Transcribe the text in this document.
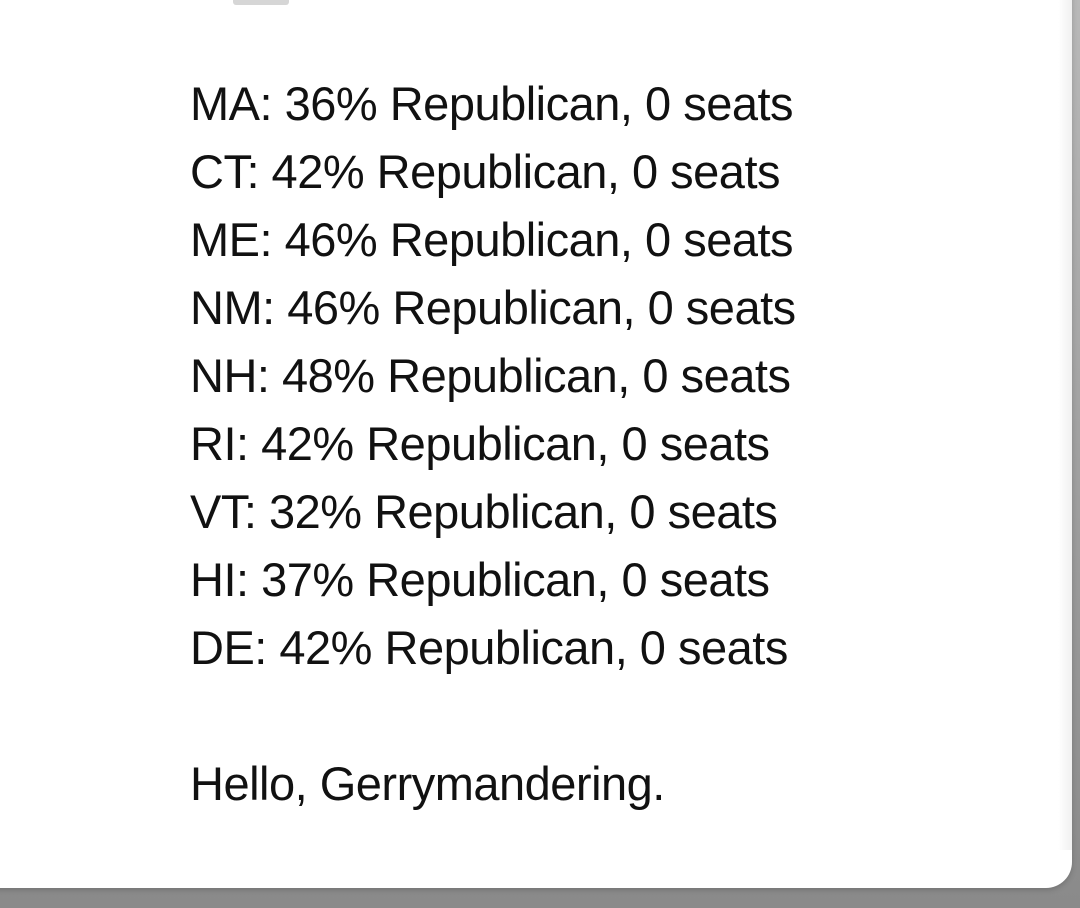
MA: 36% Republican, 0 seats
CT: 42% Republican, 0 seats
ME: 46% Republican, 0 seats
NM: 46% Republican, 0 seats
NH: 48% Republican, 0 seats
RI: 42% Republican, 0 seats
VT: 32% Republican, 0 seats
HI: 37% Republican, 0 seats
DE: 42% Republican, 0 seats
Hello, Gerrymandering.
